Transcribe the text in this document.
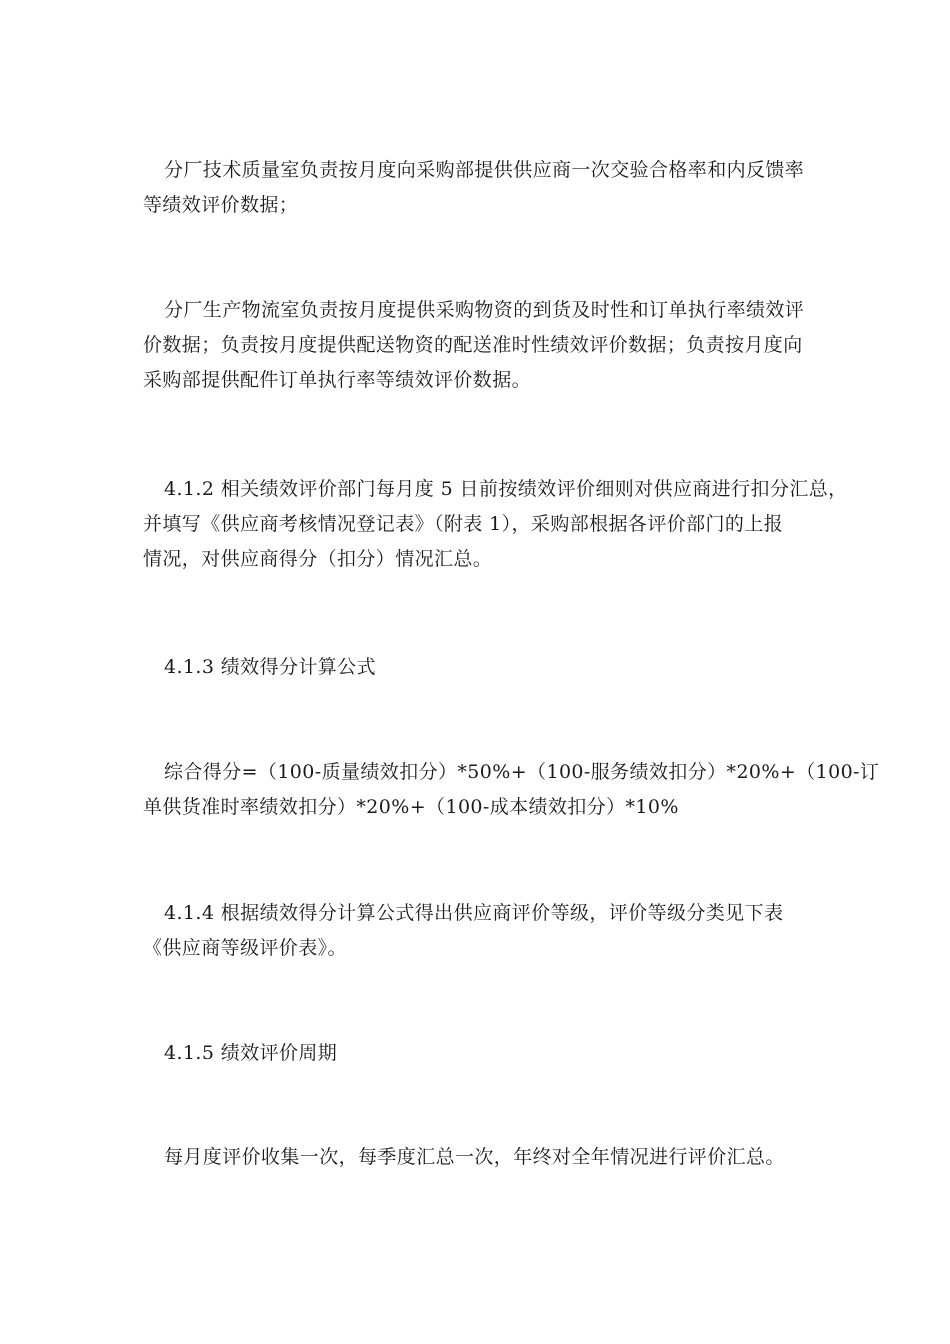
分厂技术质量室负责按月度向采购部提供供应商一次交验合格率和内反馈率
等绩效评价数据；

分厂生产物流室负责按月度提供采购物资的到货及时性和订单执行率绩效评
价数据；负责按月度提供配送物资的配送准时性绩效评价数据；负责按月度向
采购部提供配件订单执行率等绩效评价数据。

4.1.2 相关绩效评价部门每月度 5 日前按绩效评价细则对供应商进行扣分汇总，
并填写《供应商考核情况登记表》（附表 1），采购部根据各评价部门的上报
情况，对供应商得分（扣分）情况汇总。

4.1.3 绩效得分计算公式

综合得分=（100-质量绩效扣分）*50%+（100-服务绩效扣分）*20%+（100-订
单供货准时率绩效扣分）*20%+（100-成本绩效扣分）*10%

4.1.4 根据绩效得分计算公式得出供应商评价等级，评价等级分类见下表
《供应商等级评价表》。

4.1.5 绩效评价周期

每月度评价收集一次，每季度汇总一次，年终对全年情况进行评价汇总。
